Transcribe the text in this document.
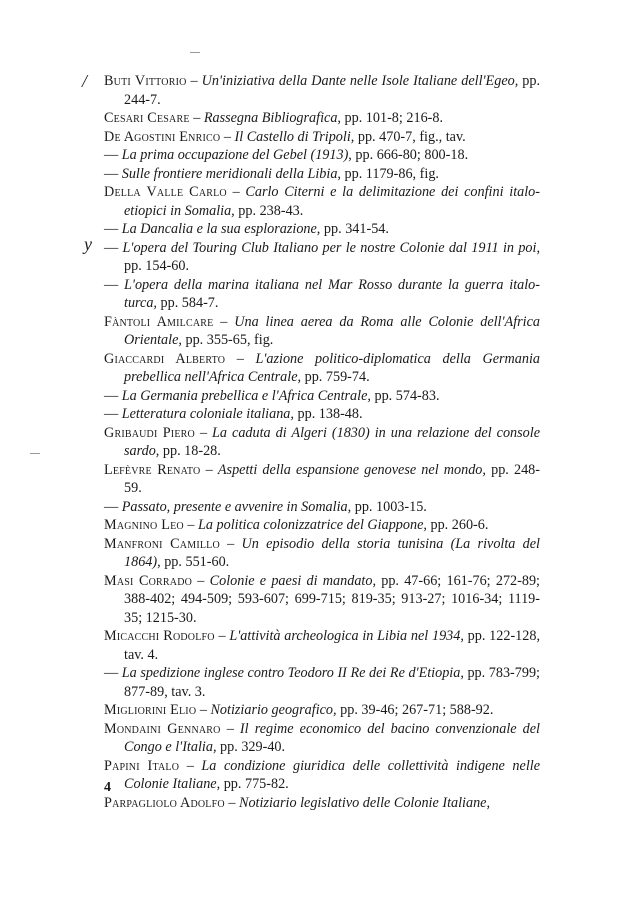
/
y
Buti Vittorio – Un'iniziativa della Dante nelle Isole Italiane dell'Egeo, pp. 244-7.
Cesari Cesare – Rassegna Bibliografica, pp. 101-8; 216-8.
De Agostini Enrico – Il Castello di Tripoli, pp. 470-7, fig., tav.
— La prima occupazione del Gebel (1913), pp. 666-80; 800-18.
— Sulle frontiere meridionali della Libia, pp. 1179-86, fig.
Della Valle Carlo – Carlo Citerni e la delimitazione dei confini italo-etiopici in Somalia, pp. 238-43.
— La Dancalia e la sua esplorazione, pp. 341-54.
— L'opera del Touring Club Italiano per le nostre Colonie dal 1911 in poi, pp. 154-60.
— L'opera della marina italiana nel Mar Rosso durante la guerra italo-turca, pp. 584-7.
Fàntoli Amilcare – Una linea aerea da Roma alle Colonie dell'Africa Orientale, pp. 355-65, fig.
Giaccardi Alberto – L'azione politico-diplomatica della Germania prebellica nell'Africa Centrale, pp. 759-74.
— La Germania prebellica e l'Africa Centrale, pp. 574-83.
— Letteratura coloniale italiana, pp. 138-48.
Gribaudi Piero – La caduta di Algeri (1830) in una relazione del console sardo, pp. 18-28.
Lefèvre Renato – Aspetti della espansione genovese nel mondo, pp. 248-59.
— Passato, presente e avvenire in Somalia, pp. 1003-15.
Magnino Leo – La politica colonizzatrice del Giappone, pp. 260-6.
Manfroni Camillo – Un episodio della storia tunisina (La rivolta del 1864), pp. 551-60.
Masi Corrado – Colonie e paesi di mandato, pp. 47-66; 161-76; 272-89; 388-402; 494-509; 593-607; 699-715; 819-35; 913-27; 1016-34; 1119-35; 1215-30.
Micacchi Rodolfo – L'attività archeologica in Libia nel 1934, pp. 122-128, tav. 4.
— La spedizione inglese contro Teodoro II Re dei Re d'Etiopia, pp. 783-799; 877-89, tav. 3.
Migliorini Elio – Notiziario geografico, pp. 39-46; 267-71; 588-92.
Mondaini Gennaro – Il regime economico del bacino convenzionale del Congo e l'Italia, pp. 329-40.
Papini Italo – La condizione giuridica delle collettività indigene nelle Colonie Italiane, pp. 775-82.
Parpagliolo Adolfo – Notiziario legislativo delle Colonie Italiane,
4
